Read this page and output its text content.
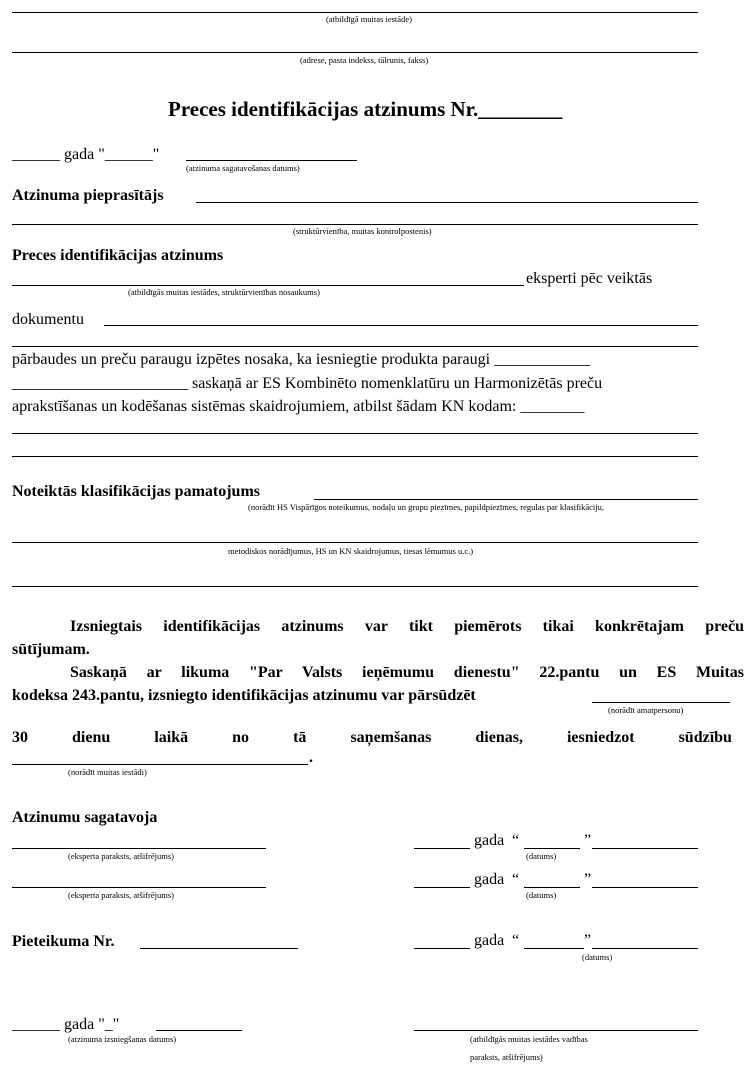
(atbildīgā muitas iestāde)
(adrese, pasta indekss, tālrunis, fakss)
Preces identifikācijas atzinums Nr.________
______ gada "______"
(atzinuma sagatavošanas datums)
Atzinuma pieprasītājs
(struktūrvienība, muitas kontrolpostenis)
Preces identifikācijas atzinums
eksperti pēc veiktās
(atbildīgās muitas iestādes, struktūrvienības nosaukums)
dokumentu
pārbaudes un preču paraugu izpētes nosaka, ka iesniegtie produkta paraugi ____________
______________________ saskaņā ar ES Kombinēto nomenklatūru un Harmonizētās preču
aprakstīšanas un kodēšanas sistēmas skaidrojumiem, atbilst šādam KN kodam: ________
Noteiktās klasifikācijas pamatojums
(norādīt HS Vispārīgos noteikumus, nodaļu un grupu piezīmes, papildpiezīmes, regulas par klasifikāciju,
metodiskos norādījumus, HS un KN skaidrojumus, tiesas lēmumus u.c.)
Izsniegtais identifikācijas atzinums var tikt piemērots tikai konkrētajam preču
sūtījumam.
Saskaņā ar likuma "Par Valsts ieņēmumu dienestu" 22.pantu un ES Muitas
kodeksa 243.pantu, izsniegto identifikācijas atzinumu var pārsūdzēt
(norādīt amatpersonu)
30	dienu	laikā	no	tā	saņemšanas	dienas,	iesniedzot	sūdzību
.
(norādīt muitas iestādi)
Atzinumu sagatavoja
(eksperta paraksts, atšifrējums)
gada “	”
(datums)
(eksperta paraksts, atšifrējums)
gada “	”
(datums)
Pieteikuma Nr.	gada “	”
(datums)
______ gada "_"
(atzinuma izsniegšanas datums)	(atbildīgās muitas iestādes vadības
paraksts, atšifrējums)
